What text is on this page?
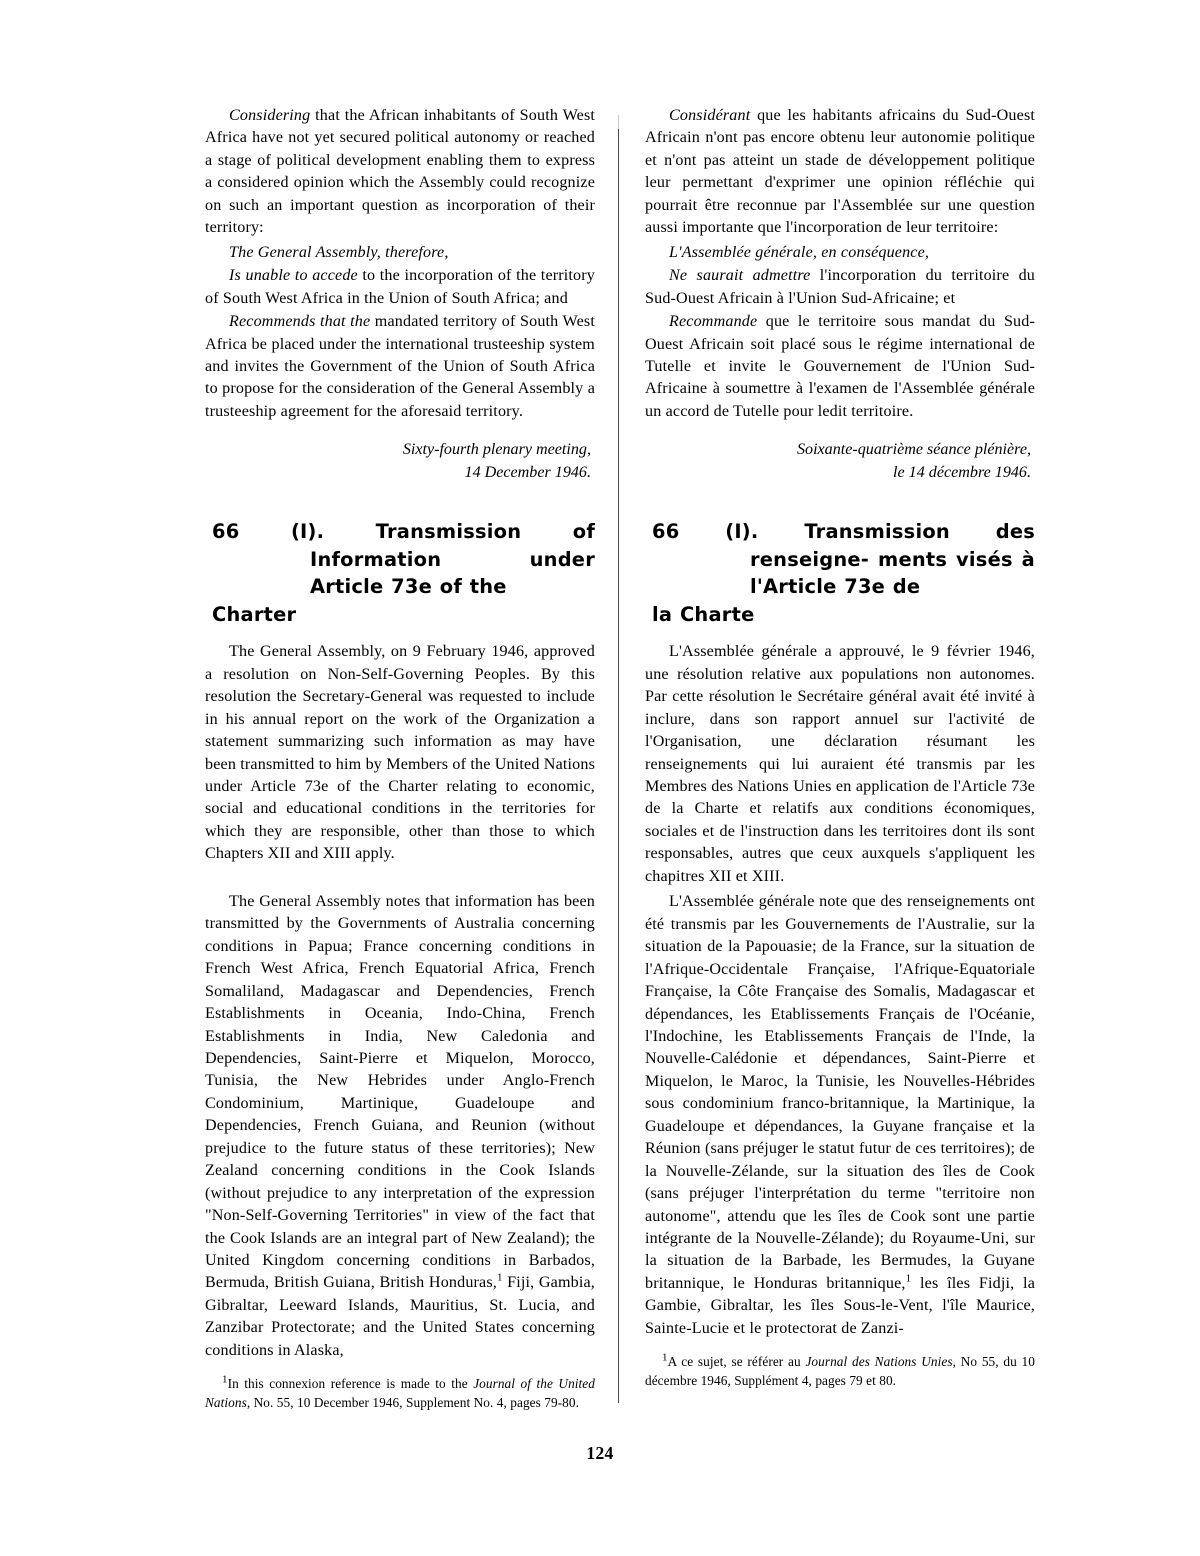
Considering that the African inhabitants of South West Africa have not yet secured political autonomy or reached a stage of political development enabling them to express a considered opinion which the Assembly could recognize on such an important question as incorporation of their territory:

The General Assembly, therefore,

Is unable to accede to the incorporation of the territory of South West Africa in the Union of South Africa; and

Recommends that the mandated territory of South West Africa be placed under the international trusteeship system and invites the Government of the Union of South Africa to propose for the consideration of the General Assembly a trusteeship agreement for the aforesaid territory.

Sixty-fourth plenary meeting,
14 December 1946.
66 (I). Transmission of Information	under Article 73e of the
Charter

The General Assembly, on 9 February 1946, approved a resolution on Non-Self-Governing Peoples. By this resolution the Secretary-General was requested to include in his annual report on the work of the Organization a statement summarizing such information as may have been transmitted to him by Members of the United Nations under Article 73e of the Charter relating to economic, social and educational conditions in the territories for which they are responsible, other than those to which Chapters XII and XIII apply.

The General Assembly notes that information has been transmitted by the Governments of Australia concerning conditions in Papua; France concerning conditions in French West Africa, French Equatorial Africa, French Somaliland, Madagascar and Dependencies, French Establishments in Oceania, Indo-China, French Establishments in India, New Caledonia and Dependencies, Saint-Pierre et Miquelon, Morocco, Tunisia, the New Hebrides under Anglo-French Condominium, Martinique, Guadeloupe and Dependencies, French Guiana, and Reunion (without prejudice to the future status of these territories); New Zealand concerning conditions in the Cook Islands (without prejudice to any interpretation of the expression "Non-Self-Governing Territories" in view of the fact that the Cook Islands are an integral part of New Zealand); the United Kingdom concerning conditions in Barbados, Bermuda, British Guiana, British Honduras,$^1$ Fiji, Gambia, Gibraltar, Leeward Islands, Mauritius, St. Lucia, and Zanzibar Protectorate; and the United States concerning conditions in Alaska,

$^1$In this connexion reference is made to the Journal of the United Nations, No. 55, 10 December 1946, Supplement No. 4, pages 79-80.

Considérant que les habitants africains du Sud-Ouest Africain n'ont pas encore obtenu leur autonomie politique et n'ont pas atteint un stade de développement politique leur permettant d'exprimer une opinion réfléchie qui pourrait être reconnue par l'Assemblée sur une question aussi importante que l'incorporation de leur territoire:

L'Assemblée générale, en conséquence,

Ne saurait admettre l'incorporation du territoire du Sud-Ouest Africain à l'Union Sud-Africaine; et

Recommande que le territoire sous mandat du Sud-Ouest Africain soit placé sous le régime international de Tutelle et invite le Gouvernement de l'Union Sud-Africaine à soumettre à l'examen de l'Assemblée générale un accord de Tutelle pour ledit territoire.

Soixante-quatrième séance plénière,
le 14 décembre 1946.
66 (I). Transmission des renseigne- ments visés à l'Article 73e de
la Charte

L'Assemblée générale a approuvé, le 9 février 1946, une résolution relative aux populations non autonomes. Par cette résolution le Secrétaire général avait été invité à inclure, dans son rapport annuel sur l'activité de l'Organisation, une déclaration résumant les renseignements qui lui auraient été transmis par les Membres des Nations Unies en application de l'Article 73e de la Charte et relatifs aux conditions économiques, sociales et de l'instruction dans les territoires dont ils sont responsables, autres que ceux auxquels s'appliquent les chapitres XII et XIII.

L'Assemblée générale note que des renseignements ont été transmis par les Gouvernements de l'Australie, sur la situation de la Papouasie; de la France, sur la situation de l'Afrique-Occidentale Française, l'Afrique-Equatoriale Française, la Côte Française des Somalis, Madagascar et dépendances, les Etablissements Français de l'Océanie, l'Indochine, les Etablissements Français de l'Inde, la Nouvelle-Calédonie et dépendances, Saint-Pierre et Miquelon, le Maroc, la Tunisie, les Nouvelles-Hébrides sous condominium franco-britannique, la Martinique, la Guadeloupe et dépendances, la Guyane française et la Réunion (sans préjuger le statut futur de ces territoires); de la Nouvelle-Zélande, sur la situation des îles de Cook (sans préjuger l'interprétation du terme "territoire non autonome", attendu que les îles de Cook sont une partie intégrante de la Nouvelle-Zélande); du Royaume-Uni, sur la situation de la Barbade, les Bermudes, la Guyane britannique, le Honduras britannique,$^1$ les îles Fidji, la Gambie, Gibraltar, les îles Sous-le-Vent, l'île Maurice, Sainte-Lucie et le protectorat de Zanzi-

$^1$A ce sujet, se référer au Journal des Nations Unies, No 55, du 10 décembre 1946, Supplément 4, pages 79 et 80.

124
